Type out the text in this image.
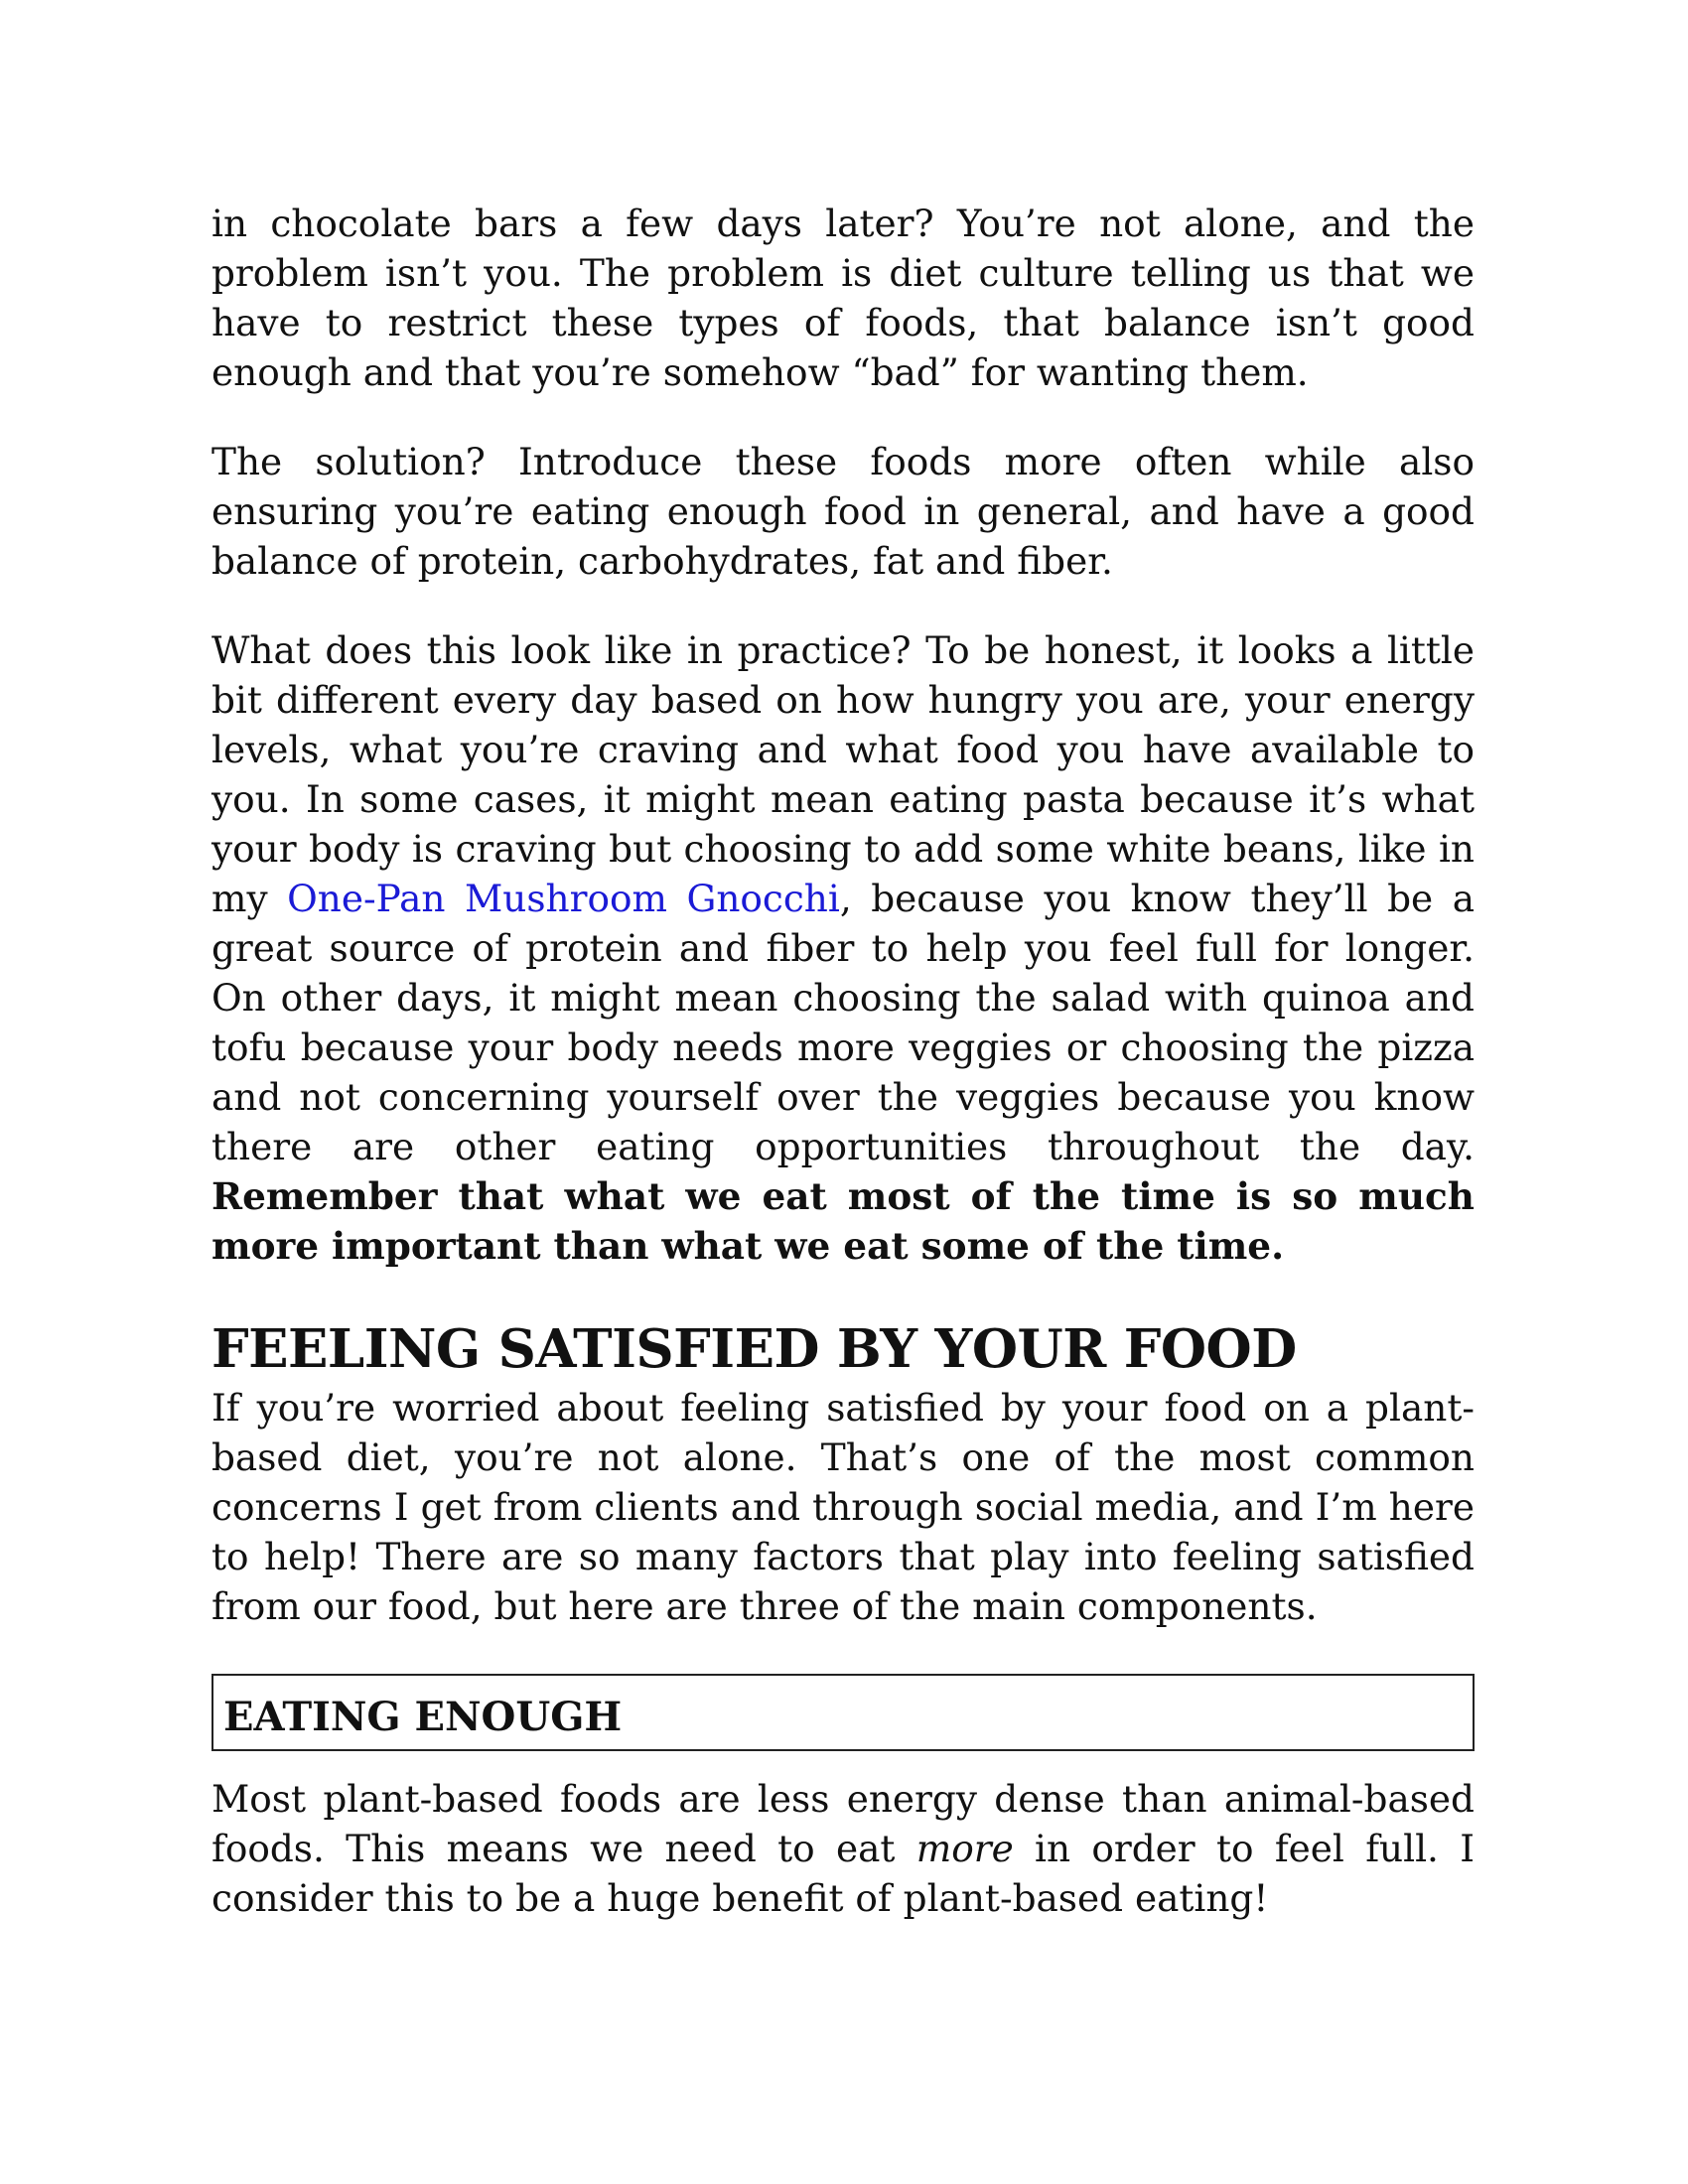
in chocolate bars a few days later? You’re not alone, and the problem isn’t you. The problem is diet culture telling us that we have to restrict these types of foods, that balance isn’t good enough and that you’re somehow “bad” for wanting them.

The solution? Introduce these foods more often while also ensuring you’re eating enough food in general, and have a good balance of protein, carbohydrates, fat and fiber.

What does this look like in practice? To be honest, it looks a little bit different every day based on how hungry you are, your energy levels, what you’re craving and what food you have available to you. In some cases, it might mean eating pasta because it’s what your body is craving but choosing to add some white beans, like in my One-Pan Mushroom Gnocchi, because you know they’ll be a great source of protein and fiber to help you feel full for longer. On other days, it might mean choosing the salad with quinoa and tofu because your body needs more veggies or choosing the pizza and not concerning yourself over the veggies because you know there are other eating opportunities throughout the day. Remember that what we eat most of the time is so much more important than what we eat some of the time.

FEELING SATISFIED BY YOUR FOOD

If you’re worried about feeling satisfied by your food on a plant-based diet, you’re not alone. That’s one of the most common concerns I get from clients and through social media, and I’m here to help! There are so many factors that play into feeling satisfied from our food, but here are three of the main components.

EATING ENOUGH

Most plant-based foods are less energy dense than animal-based foods. This means we need to eat more in order to feel full. I consider this to be a huge benefit of plant-based eating!
